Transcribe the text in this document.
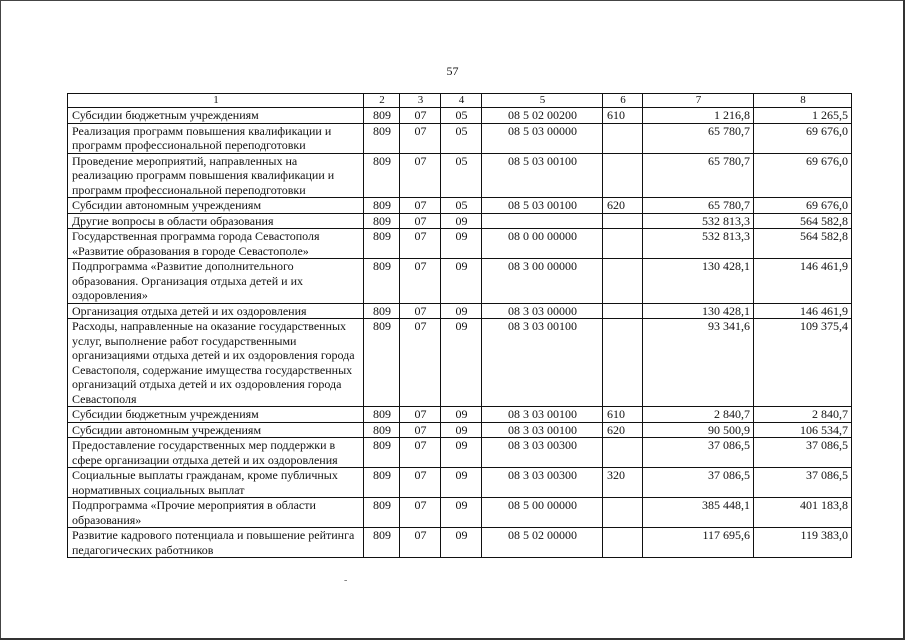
57
1	2	3	4	5	6	7	8
Субсидии бюджетным учреждениям	809	07	05	08 5 02 00200	610	1 216,8	1 265,5
Реализация программ повышения квалификации и программ профессиональной переподготовки	809	07	05	08 5 03 00000		65 780,7	69 676,0
Проведение мероприятий, направленных на реализацию программ повышения квалификации и программ профессиональной переподготовки	809	07	05	08 5 03 00100		65 780,7	69 676,0
Субсидии автономным учреждениям	809	07	05	08 5 03 00100	620	65 780,7	69 676,0
Другие вопросы в области образования	809	07	09			532 813,3	564 582,8
Государственная программа города Севастополя «Развитие образования в городе Севастополе»	809	07	09	08 0 00 00000		532 813,3	564 582,8
Подпрограмма «Развитие дополнительного образования. Организация отдыха детей и их оздоровления»	809	07	09	08 3 00 00000		130 428,1	146 461,9
Организация отдыха детей и их оздоровления	809	07	09	08 3 03 00000		130 428,1	146 461,9
Расходы, направленные на оказание государственных услуг, выполнение работ государственными организациями отдыха детей и их оздоровления города Севастополя, содержание имущества государственных организаций отдыха детей и их оздоровления города Севастополя	809	07	09	08 3 03 00100		93 341,6	109 375,4
Субсидии бюджетным учреждениям	809	07	09	08 3 03 00100	610	2 840,7	2 840,7
Субсидии автономным учреждениям	809	07	09	08 3 03 00100	620	90 500,9	106 534,7
Предоставление государственных мер поддержки в сфере организации отдыха детей и их оздоровления	809	07	09	08 3 03 00300		37 086,5	37 086,5
Социальные выплаты гражданам, кроме публичных нормативных социальных выплат	809	07	09	08 3 03 00300	320	37 086,5	37 086,5
Подпрограмма «Прочие мероприятия в области образования»	809	07	09	08 5 00 00000		385 448,1	401 183,8
Развитие кадрового потенциала и повышение рейтинга педагогических работников	809	07	09	08 5 02 00000		117 695,6	119 383,0
-
